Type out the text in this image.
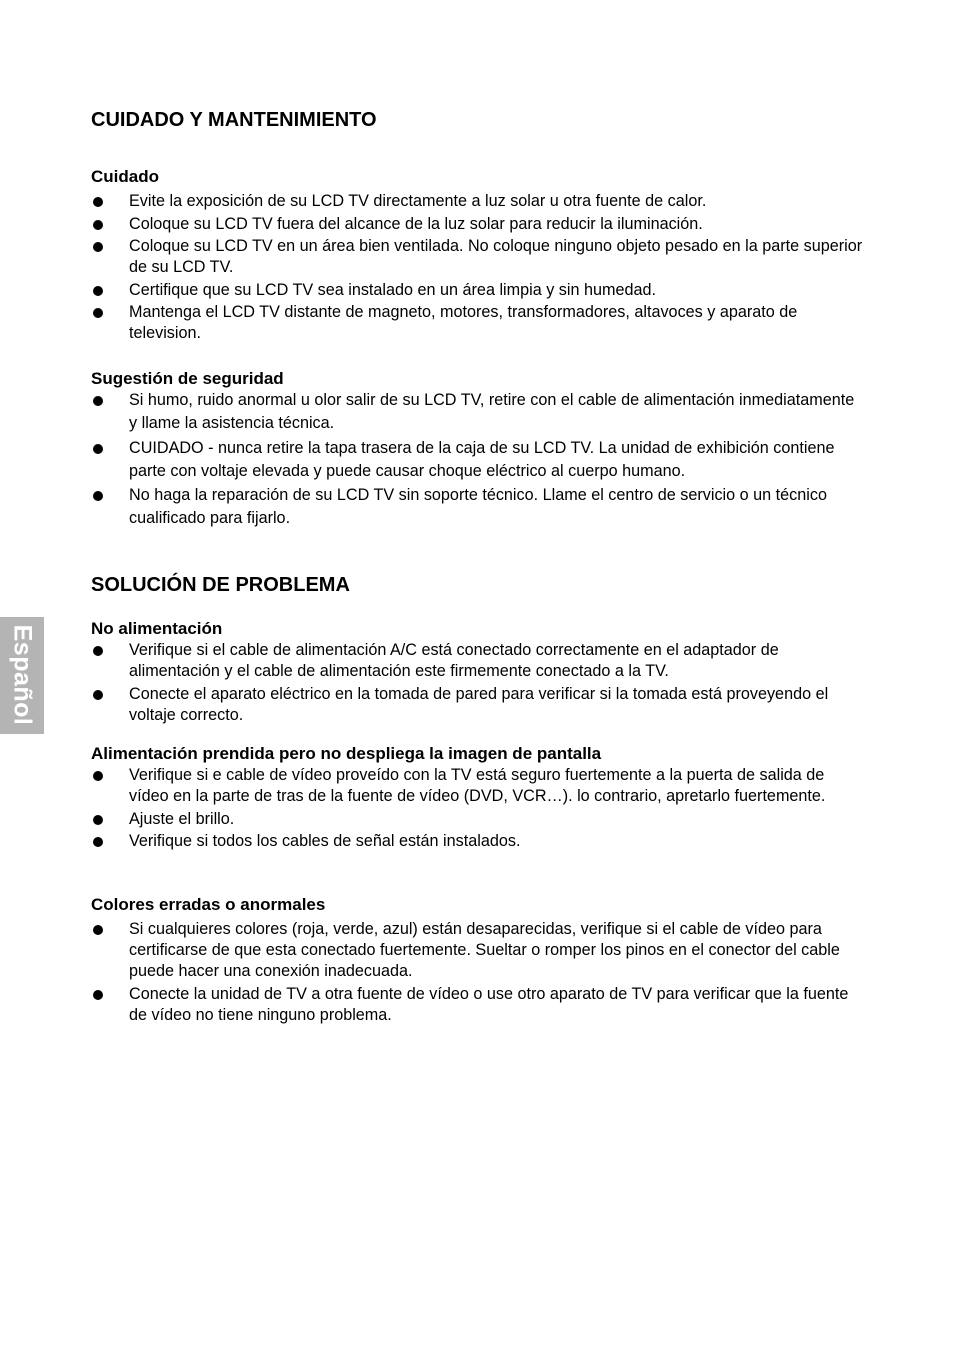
CUIDADO Y MANTENIMIENTO
Cuidado
Evite la exposición de su LCD TV directamente a luz solar u otra fuente de calor.
Coloque su LCD TV fuera del alcance de la luz solar para reducir la iluminación.
Coloque su LCD TV en un área bien ventilada. No coloque ninguno objeto pesado en la parte superior de su LCD TV.
Certifique que su LCD TV sea instalado en un área limpia y sin humedad.
Mantenga el LCD TV distante de magneto, motores, transformadores, altavoces y aparato de television.
Sugestión de seguridad
Si humo, ruido anormal u olor salir de su LCD TV, retire con el cable de alimentación inmediatamente y llame la asistencia técnica.
CUIDADO - nunca retire la tapa trasera de la caja de su LCD TV. La unidad de exhibición contiene parte con voltaje elevada y puede causar choque eléctrico al cuerpo humano.
No haga la reparación de su LCD TV sin soporte técnico. Llame el centro de servicio o un técnico cualificado para fijarlo.
SOLUCIÓN DE PROBLEMA
No alimentación
Verifique si el cable de alimentación A/C está conectado correctamente en el adaptador de alimentación y el cable de alimentación este firmemente conectado a la TV.
Conecte el aparato eléctrico en la tomada de pared para verificar si la tomada está proveyendo el voltaje correcto.
Alimentación prendida pero no despliega la imagen de pantalla
Verifique si e cable de vídeo proveído con la TV está seguro fuertemente a la puerta de salida de vídeo en la parte de tras de la fuente de vídeo (DVD, VCR…). lo contrario, apretarlo fuertemente.
Ajuste el brillo.
Verifique si todos los cables de señal están instalados.
Colores erradas o anormales
Si cualquieres colores (roja, verde, azul) están desaparecidas, verifique si el cable de vídeo para certificarse de que esta conectado fuertemente. Sueltar o romper los pinos en el conector del cable puede hacer una conexión inadecuada.
Conecte la unidad de TV a otra fuente de vídeo o use otro aparato de TV para verificar que la fuente de vídeo no tiene ninguno problema.
Español
